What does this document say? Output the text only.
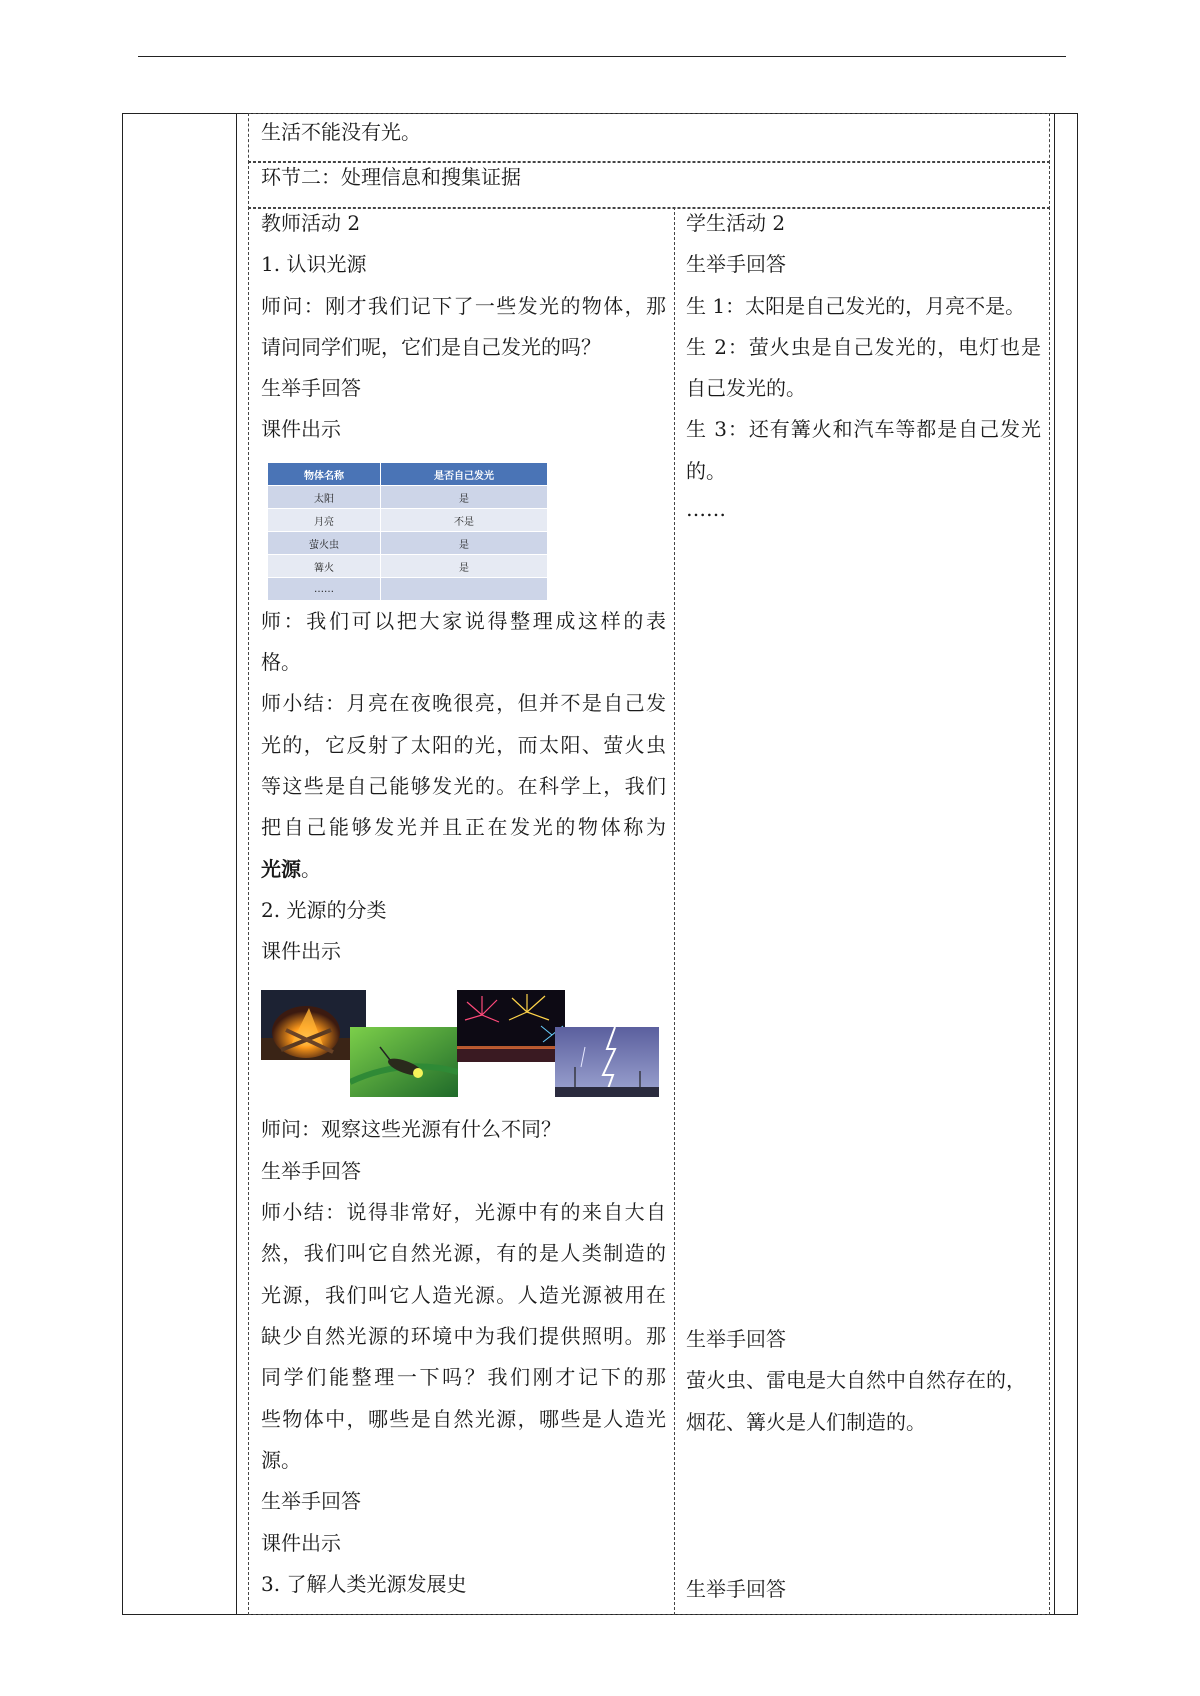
生活不能没有光。
环节二：处理信息和搜集证据
教师活动 2
1. 认识光源
师问：刚才我们记下了一些发光的物体，那
请问同学们呢，它们是自己发光的吗？
生举手回答
课件出示
物体名称	是否自己发光
太阳	是
月亮	不是
萤火虫	是
篝火	是
……	
师：我们可以把大家说得整理成这样的表
格。
师小结：月亮在夜晚很亮，但并不是自己发
光的，它反射了太阳的光，而太阳、萤火虫
等这些是自己能够发光的。在科学上，我们
把自己能够发光并且正在发光的物体称为
光源。
2. 光源的分类
课件出示
师问：观察这些光源有什么不同？
生举手回答
师小结：说得非常好，光源中有的来自大自
然，我们叫它自然光源，有的是人类制造的
光源，我们叫它人造光源。人造光源被用在
缺少自然光源的环境中为我们提供照明。那
同学们能整理一下吗？我们刚才记下的那
些物体中，哪些是自然光源，哪些是人造光
源。
生举手回答
课件出示
3. 了解人类光源发展史
学生活动 2
生举手回答
生 1：太阳是自己发光的，月亮不是。
生 2：萤火虫是自己发光的，电灯也是
自己发光的。
生 3：还有篝火和汽车等都是自己发光
的。
……
生举手回答
萤火虫、雷电是大自然中自然存在的，
烟花、篝火是人们制造的。
生举手回答
